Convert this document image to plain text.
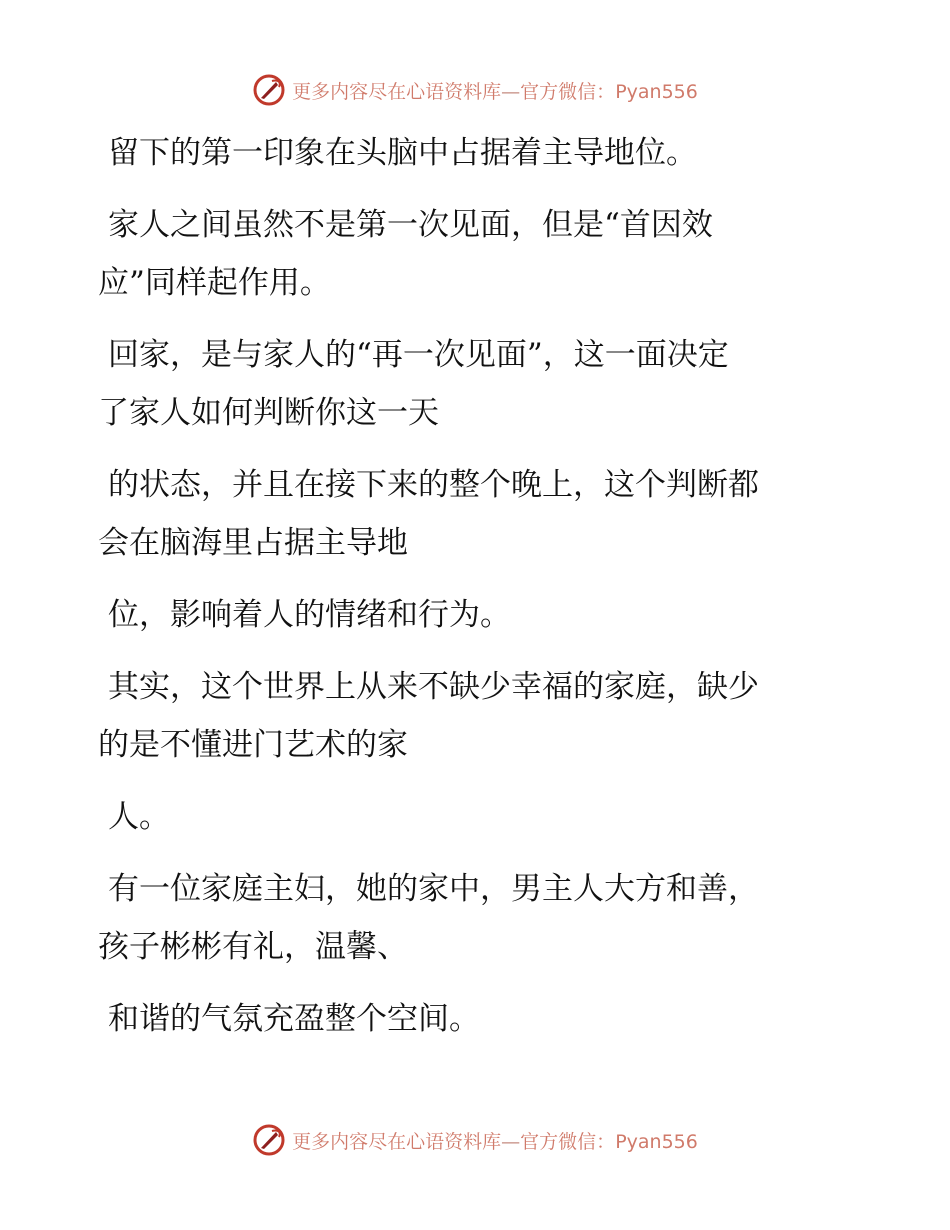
更多内容尽在心语资料库—官方微信：Pyan556

留下的第一印象在头脑中占据着主导地位。

家人之间虽然不是第一次见面，但是“首因效
应”同样起作用。

回家，是与家人的“再一次见面”，这一面决定
了家人如何判断你这一天

的状态，并且在接下来的整个晚上，这个判断都
会在脑海里占据主导地

位，影响着人的情绪和行为。

其实，这个世界上从来不缺少幸福的家庭，缺少
的是不懂进门艺术的家

人。

有一位家庭主妇，她的家中，男主人大方和善，
孩子彬彬有礼，温馨、

和谐的气氛充盈整个空间。

更多内容尽在心语资料库—官方微信：Pyan556
